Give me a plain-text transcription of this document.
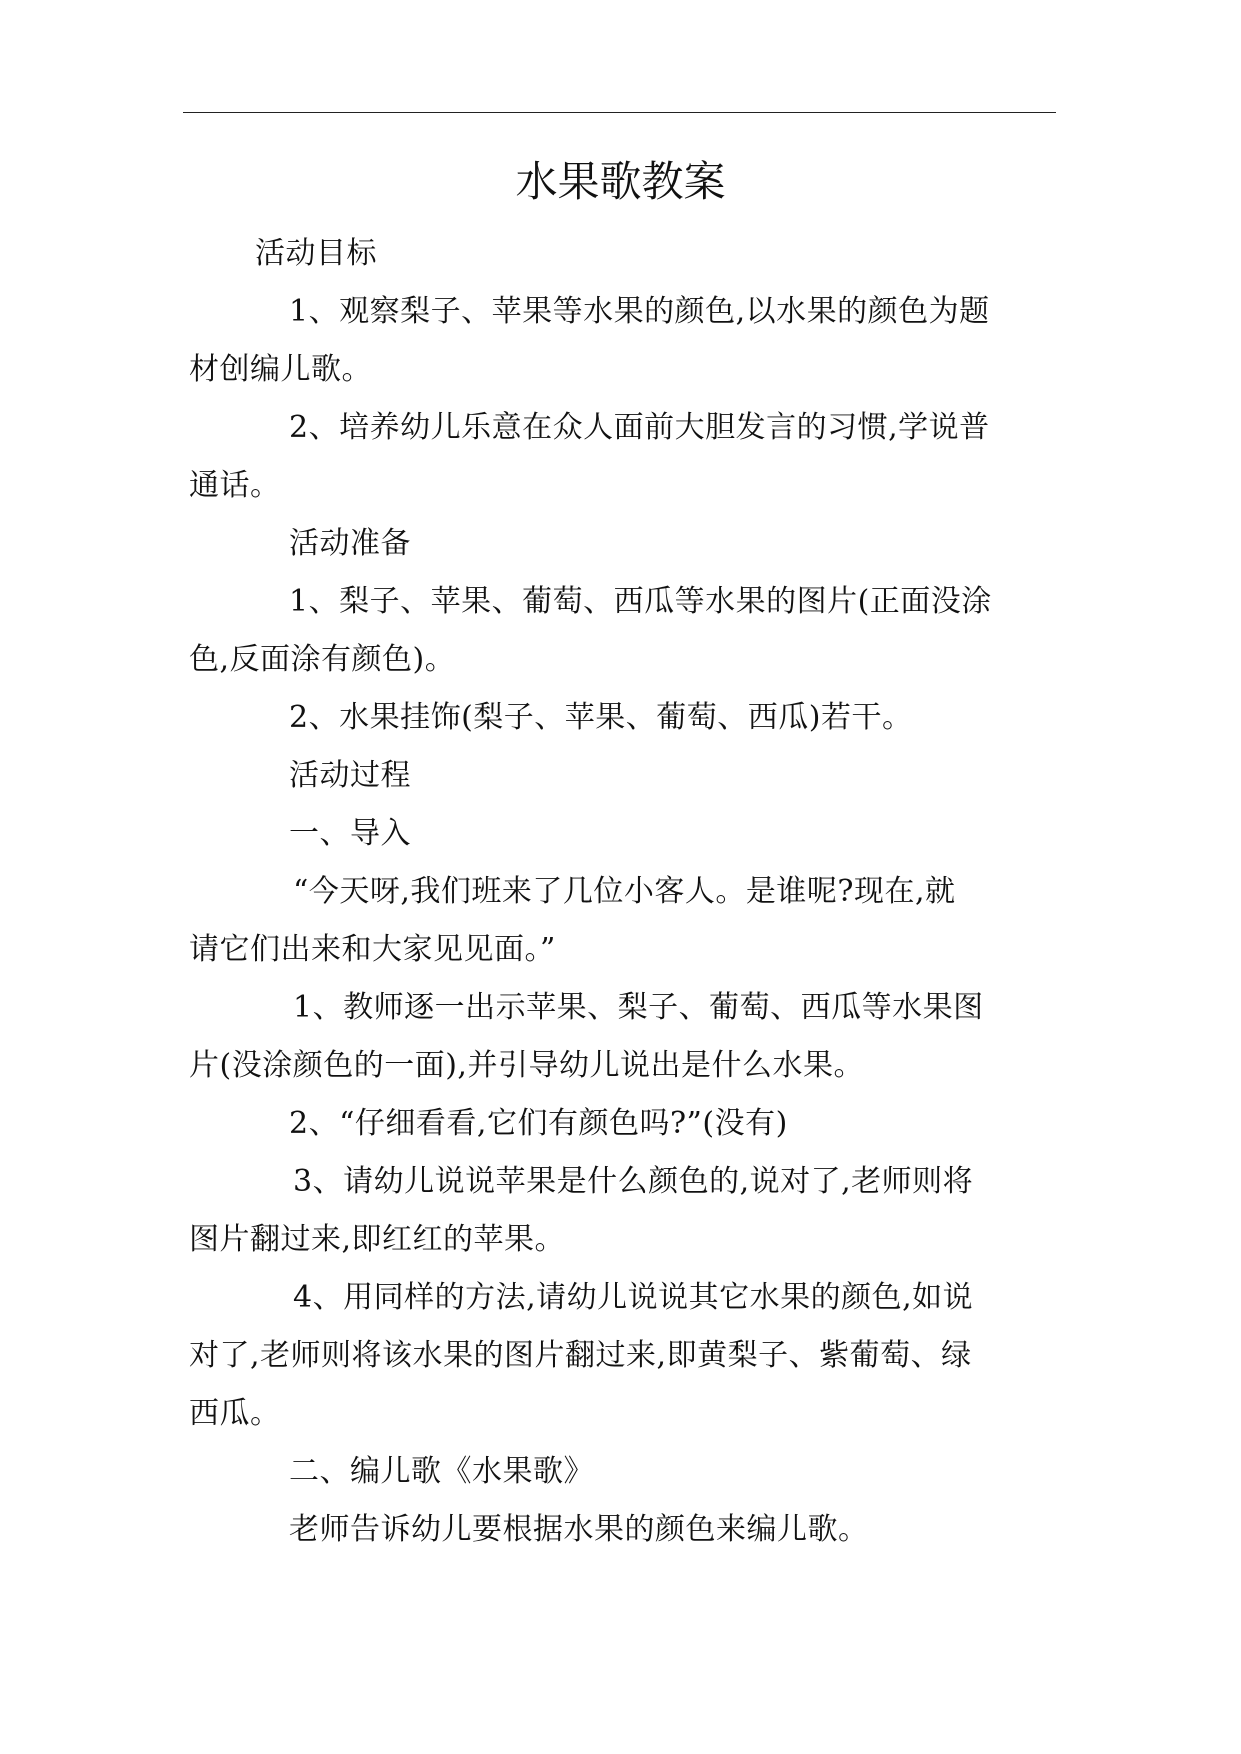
水果歌教案
活动目标
1、观察梨子、苹果等水果的颜色,以水果的颜色为题
材创编儿歌。
2、培养幼儿乐意在众人面前大胆发言的习惯,学说普
通话。
活动准备
1、梨子、苹果、葡萄、西瓜等水果的图片(正面没涂
色,反面涂有颜色)。
2、水果挂饰(梨子、苹果、葡萄、西瓜)若干。
活动过程
一、导入
“今天呀,我们班来了几位小客人。是谁呢?现在,就
请它们出来和大家见见面。”
1、教师逐一出示苹果、梨子、葡萄、西瓜等水果图
片(没涂颜色的一面),并引导幼儿说出是什么水果。
2、“仔细看看,它们有颜色吗?”(没有)
3、请幼儿说说苹果是什么颜色的,说对了,老师则将
图片翻过来,即红红的苹果。
4、用同样的方法,请幼儿说说其它水果的颜色,如说
对了,老师则将该水果的图片翻过来,即黄梨子、紫葡萄、绿
西瓜。
二、编儿歌《水果歌》
老师告诉幼儿要根据水果的颜色来编儿歌。
